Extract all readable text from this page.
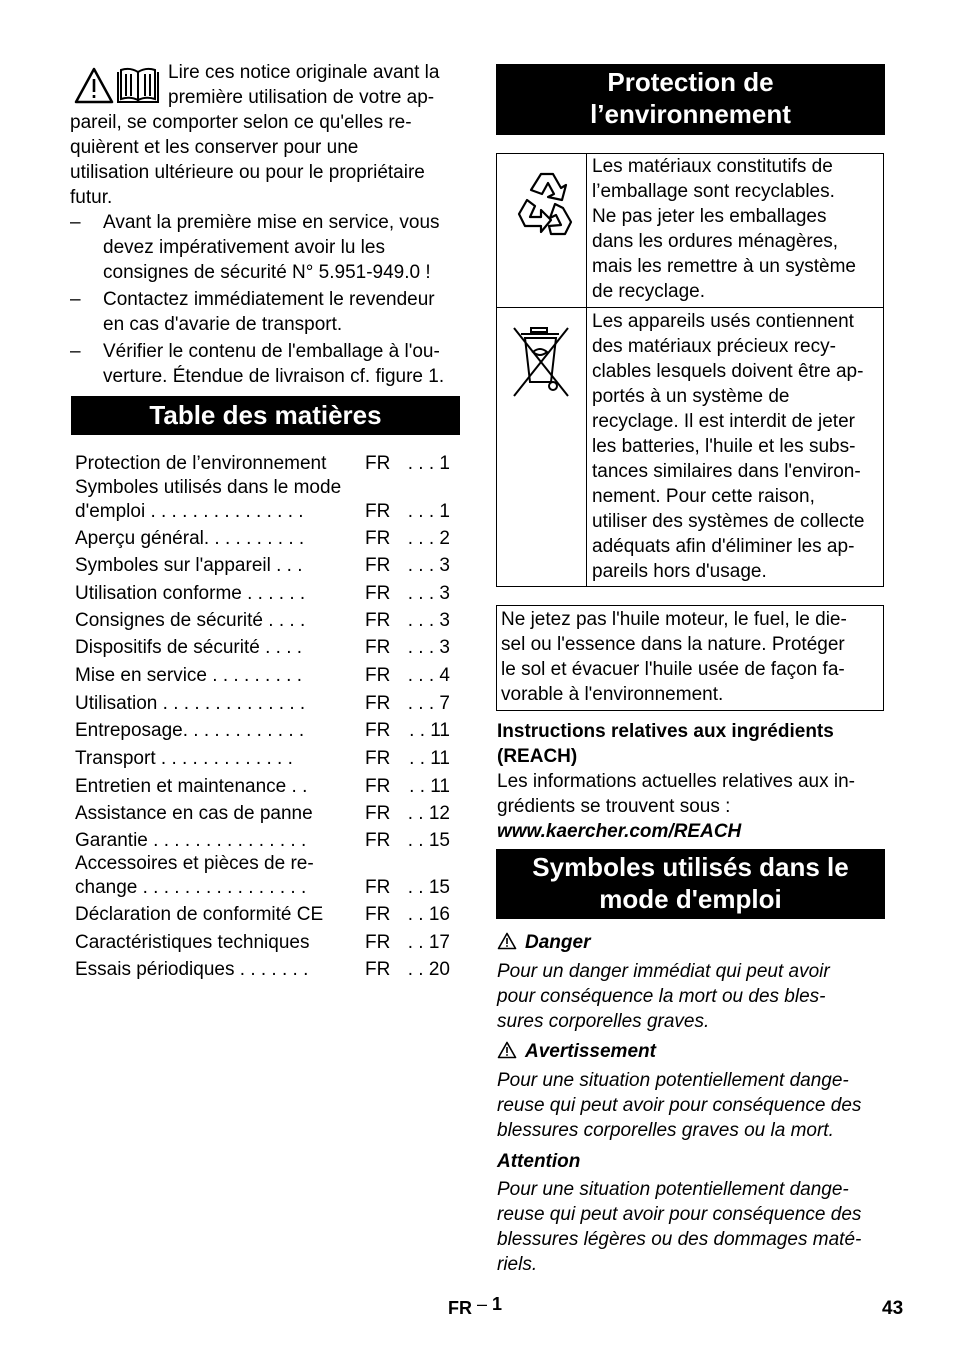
Lire ces notice originale avant la
première utilisation de votre ap-
pareil, se comporter selon ce qu'elles re-
quièrent et les conserver pour une
utilisation ultérieure ou pour le propriétaire
futur.
– Avant la première mise en service, vous
devez impérativement avoir lu les
consignes de sécurité N° 5.951-949.0 !
– Contactez immédiatement le revendeur
en cas d'avarie de transport.
– Vérifier le contenu de l'emballage à l'ou-
verture. Étendue de livraison cf. figure 1.
Table des matières
Protection de l’environnement FR . . . 1
Symboles utilisés dans le mode
d'emploi . . . . . . . . . . . . . . .	FR . . . 1
Aperçu général. . . . . . . . . .	FR . . . 2
Symboles sur l'appareil . . .	FR . . . 3
Utilisation conforme . . . . . .	FR . . . 3
Consignes de sécurité . . . .	FR . . . 3
Dispositifs de sécurité . . . .	FR . . . 3
Mise en service . . . . . . . . .	FR . . . 4
Utilisation . . . . . . . . . . . . . .	FR . . . 7
Entreposage. . . . . . . . . . . .	FR . . 11
Transport . . . . . . . . . . . . .	FR . . 11
Entretien et maintenance . .	FR . . 11
Assistance en cas de panne	FR . . 12
Garantie . . . . . . . . . . . . . . .	FR . . 15
Accessoires et pièces de re-
change . . . . . . . . . . . . . . . .	FR . . 15
Déclaration de conformité CE FR . . 16
Caractéristiques techniques	FR . . 17
Essais périodiques . . . . . . .	FR . . 20
Protection de
l’environnement
Les matériaux constitutifs de
l’emballage sont recyclables.
Ne pas jeter les emballages
dans les ordures ménagères,
mais les remettre à un système
de recyclage.
Les appareils usés contiennent
des matériaux précieux recy-
clables lesquels doivent être ap-
portés à un système de
recyclage. Il est interdit de jeter
les batteries, l'huile et les subs-
tances similaires dans l'environ-
nement. Pour cette raison,
utiliser des systèmes de collecte
adéquats afin d'éliminer les ap-
pareils hors d'usage.
Ne jetez pas l'huile moteur, le fuel, le die-
sel ou l'essence dans la nature. Protéger
le sol et évacuer l'huile usée de façon fa-
vorable à l'environnement.
Instructions relatives aux ingrédients
(REACH)
Les informations actuelles relatives aux in-
grédients se trouvent sous :
www.kaercher.com/REACH
Symboles utilisés dans le
mode d'emploi
Danger
Pour un danger immédiat qui peut avoir
pour conséquence la mort ou des bles-
sures corporelles graves.
Avertissement
Pour une situation potentiellement dange-
reuse qui peut avoir pour conséquence des
blessures corporelles graves ou la mort.
Attention
Pour une situation potentiellement dange-
reuse qui peut avoir pour conséquence des
blessures légères ou des dommages maté-
riels.
FR – 1	43
